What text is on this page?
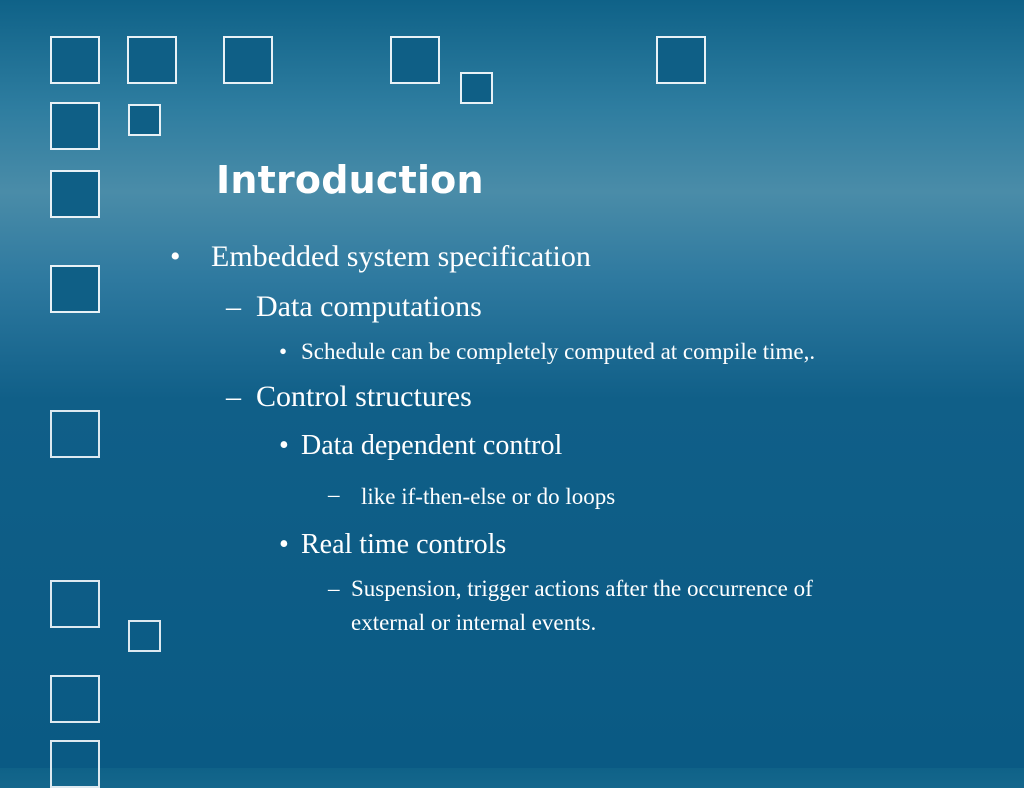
Introduction
• Embedded system specification
– Data computations
• Schedule can be completely computed at compile time,.
– Control structures
• Data dependent control
– like if-then-else or do loops
• Real time controls
– Suspension, trigger actions after the occurrence of
external or internal events.
